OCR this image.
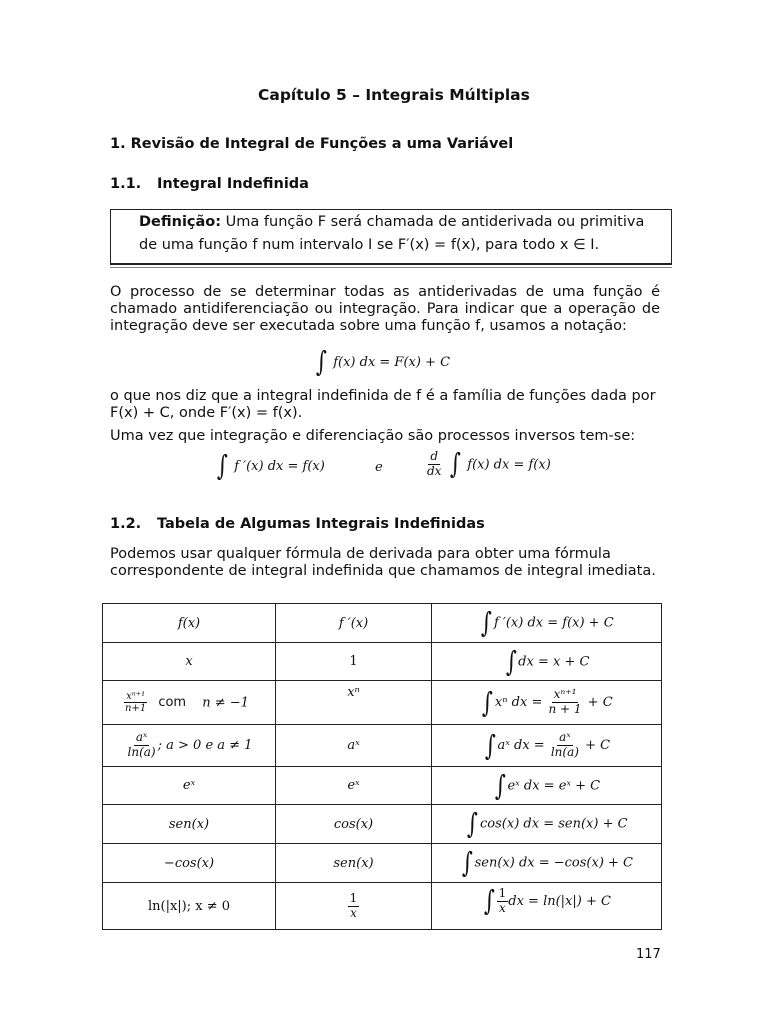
Capítulo 5 – Integrais Múltiplas
1. Revisão de Integral de Funções a uma Variável
1.1. Integral Indefinida
Definição: Uma função F será chamada de antiderivada ou primitiva
de uma função f num intervalo I se F′(x) = f(x), para todo x ∈ I.
O processo de se determinar todas as antiderivadas de uma função é chamado antidiferenciação ou integração. Para indicar que a operação de integração deve ser executada sobre uma função f, usamos a notação:
∫ f(x) dx = F(x) + C
o que nos diz que a integral indefinida de f é a família de funções dada por
F(x) + C, onde F′(x) = f(x).
Uma vez que integração e diferenciação são processos inversos tem-se:
∫ f ′(x) dx = f(x)	e	$\frac{d}{dx}$ ∫ f(x) dx = f(x)
1.2. Tabela de Algumas Integrais Indefinidas
Podemos usar qualquer fórmula de derivada para obter uma fórmula correspondente de integral indefinida que chamamos de integral imediata.
f(x)	f ′(x)	∫ f ′(x) dx = f(x) + C
x	1	∫ dx = x + C

$\frac{\text{xⁿ⁺¹}}{n+1}$ com n ≠ −1	xⁿ	∫ xⁿ dx = $\frac{\text{xⁿ⁺¹}}{n + 1} + C$

$\frac{\text{aˣ}}{\ln(a)}$ ; a > 0 e a ≠ 1	aˣ	∫ aˣ dx = $\frac{\text{aˣ}}{\ln(a)} + C$
eˣ	eˣ	∫ eˣ dx = eˣ + C
sen(x)	cos(x)	∫ cos(x) dx = sen(x) + C
−cos(x)	sen(x)	∫ sen(x) dx = −cos(x) + C
ln(|x|); x ≠ 0	$\frac{1}{x}$	∫ $\frac{1}{x}$ dx = ln(|x|) + C
117
